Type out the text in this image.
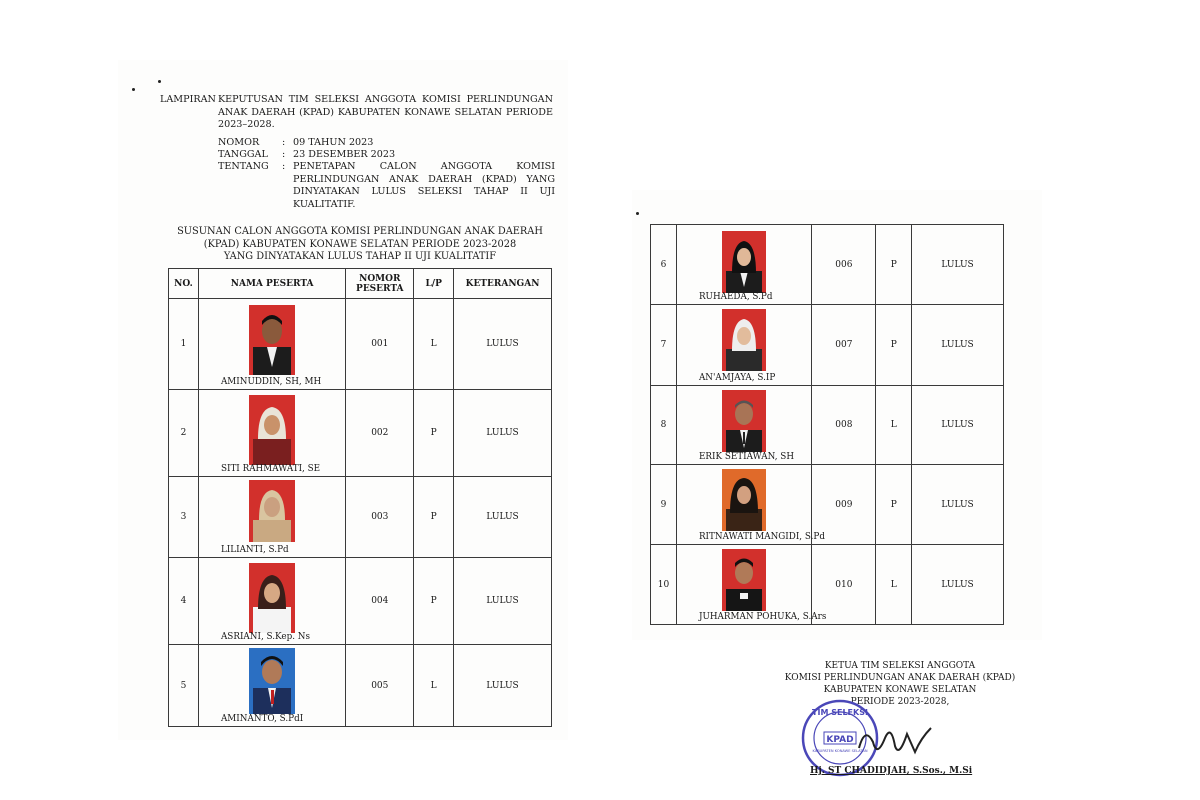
LAMPIRAN KEPUTUSAN TIM SELEKSI ANGGOTA KOMISI PERLINDUNGAN ANAK DAERAH (KPAD) KABUPATEN KONAWE SELATAN PERIODE 2023–2028.
NOMOR	: 09 TAHUN 2023
TANGGAL	: 23 DESEMBER 2023
TENTANG	: PENETAPAN CALON ANGGOTA KOMISI PERLINDUNGAN ANAK DAERAH (KPAD) YANG DINYATAKAN LULUS SELEKSI TAHAP II UJI KUALITATIF.
SUSUNAN CALON ANGGOTA KOMISI PERLINDUNGAN ANAK DAERAH
(KPAD) KABUPATEN KONAWE SELATAN PERIODE 2023-2028
YANG DINYATAKAN LULUS TAHAP II UJI KUALITATIF
NO.	NAMA PESERTA	NOMOR PESERTA	L/P	KETERANGAN
1	AMINUDDIN, SH, MH	001	L	LULUS
2	SITI RAHMAWATI, SE	002	P	LULUS
3	LILIANTI, S.Pd	003	P	LULUS
4	ASRIANI, S.Kep. Ns	004	P	LULUS
5	AMINANTO, S.PdI	005	L	LULUS
6	RUHAEDA, S.Pd	006	P	LULUS
7	AN'AMJAYA, S.IP	007	P	LULUS
8	ERIK SETIAWAN, SH	008	L	LULUS
9	RITNAWATI MANGIDI, S.Pd	009	P	LULUS
10	JUHARMAN POHUKA, S.Ars	010	L	LULUS
KETUA TIM SELEKSI ANGGOTA
KOMISI PERLINDUNGAN ANAK DAERAH (KPAD)
KABUPATEN KONAWE SELATAN
PERIODE 2023-2028,
TIM SELEKSI
KPAD
KABUPATEN KONAWE SELATAN
Hj. ST CHADIDJAH, S.Sos., M.Si
